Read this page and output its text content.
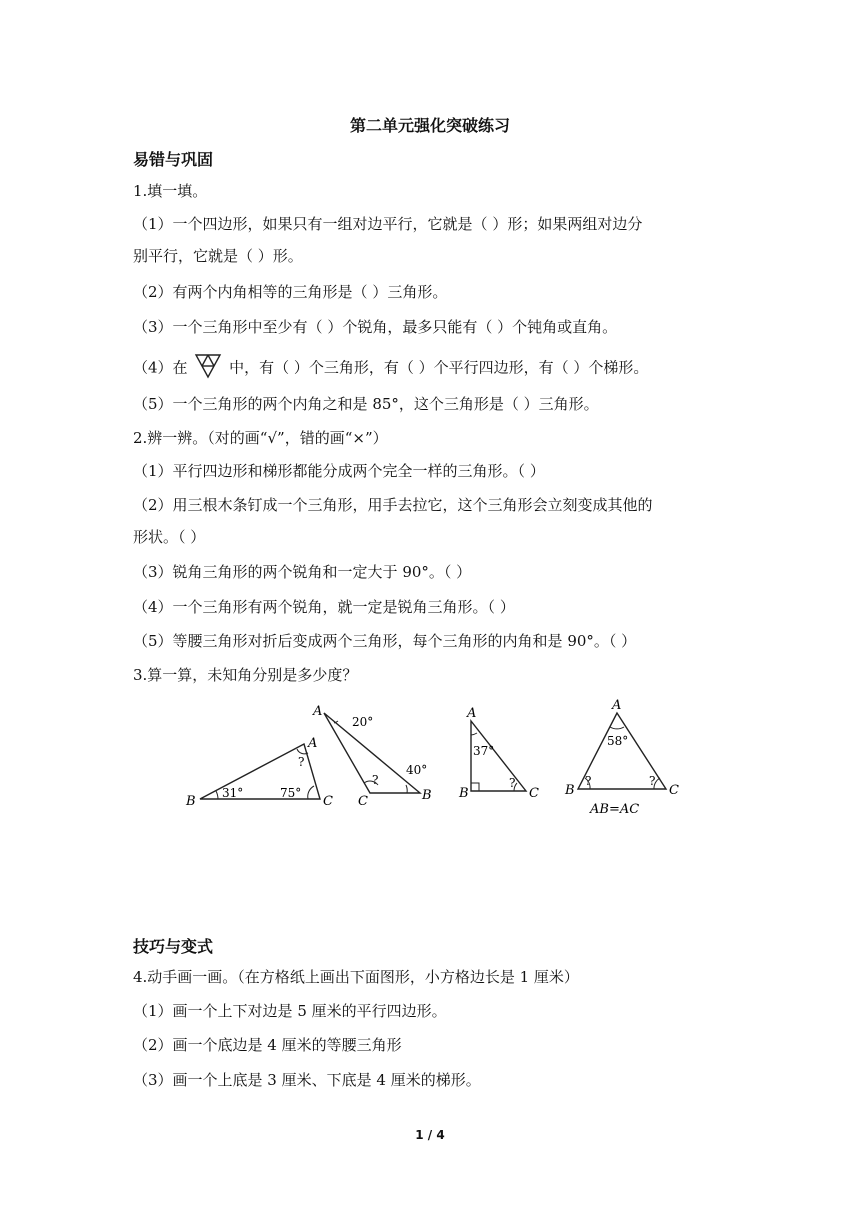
第二单元强化突破练习
易错与巩固
1.填一填。
（1）一个四边形，如果只有一组对边平行，它就是（ ）形；如果两组对边分
别平行，它就是（ ）形。
（2）有两个内角相等的三角形是（ ）三角形。
（3）一个三角形中至少有（ ）个锐角，最多只能有（ ）个钝角或直角。
（4）在	中，有（ ）个三角形，有（ ）个平行四边形，有（ ）个梯形。
（5）一个三角形的两个内角之和是 85°，这个三角形是（ ）三角形。
2.辨一辨。（对的画“√”，错的画“×”）
（1）平行四边形和梯形都能分成两个完全一样的三角形。（ ）
（2）用三根木条钉成一个三角形，用手去拉它，这个三角形会立刻变成其他的
形状。（ ）
（3）锐角三角形的两个锐角和一定大于 90°。（ ）
（4）一个三角形有两个锐角，就一定是锐角三角形。（ ）
（5）等腰三角形对折后变成两个三角形，每个三角形的内角和是 90°。（ ）
3.算一算，未知角分别是多少度？
B
A
C
31°	75°
?
A
C	B
20°
40°
?
A
B	C
37°
?
A
B	C
58°
?	?
AB=AC
技巧与变式
4.动手画一画。（在方格纸上画出下面图形，小方格边长是 1 厘米）
（1）画一个上下对边是 5 厘米的平行四边形。
（2）画一个底边是 4 厘米的等腰三角形
（3）画一个上底是 3 厘米、下底是 4 厘米的梯形。
1 / 4
